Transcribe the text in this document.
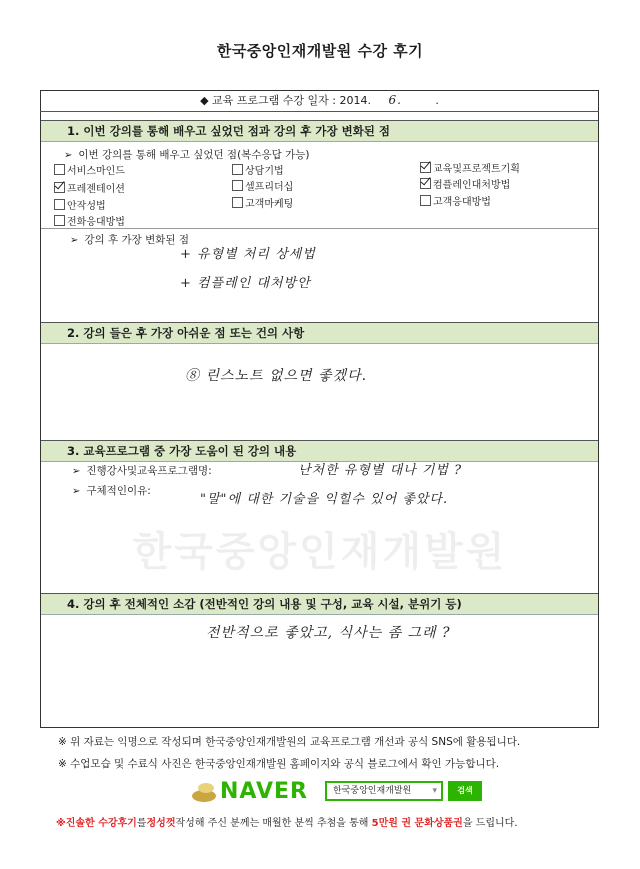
한국중앙인재개발원 수강 후기
◆ 교육 프로그램 수강 일자 : 2014. 6.	.
1. 이번 강의를 통해 배우고 싶었던 점과 강의 후 가장 변화된 점
➢ 이번 강의를 통해 배우고 싶었던 점(복수응답 가능)
서비스마인드	상담기법	교육및프로젝트기획
프레젠테이션	셀프리더십	컴플레인대처방법
안작성법	고객마케팅	고객응대방법
전화응대방법
➢ 강의 후 가장 변화된 점
+ 유형별 처리 상세법
+ 컴플레인 대처방안
2. 강의 들은 후 가장 아쉬운 점 또는 건의 사항
⑧ 린스노트 없으면 좋겠다.
3. 교육프로그램 중 가장 도움이 된 강의 내용
➢ 진행강사및교육프로그램명:	난처한 유형별 대나 기법 ?
➢ 구체적인이유:
"말"에 대한 기술을 익힐수 있어 좋았다.
한국중앙인재개발원
4. 강의 후 전체적인 소감 (전반적인 강의 내용 및 구성, 교육 시설, 분위기 등)
전반적으로 좋았고, 식사는 좀 그래 ?
※ 위 자료는 익명으로 작성되며 한국중앙인재개발원의 교육프로그램 개선과 공식 SNS에 활용됩니다.
※ 수업모습 및 수료식 사진은 한국중앙인재개발원 홈페이지와 공식 블로그에서 확인 가능합니다.
NAVER	한국중앙인재개발원 ▾	검색
※진솔한 수강후기를정성껏작성해 주신 분께는 매월한 분씩 추첨을 통해 5만원 권 문화상품권을 드립니다.
